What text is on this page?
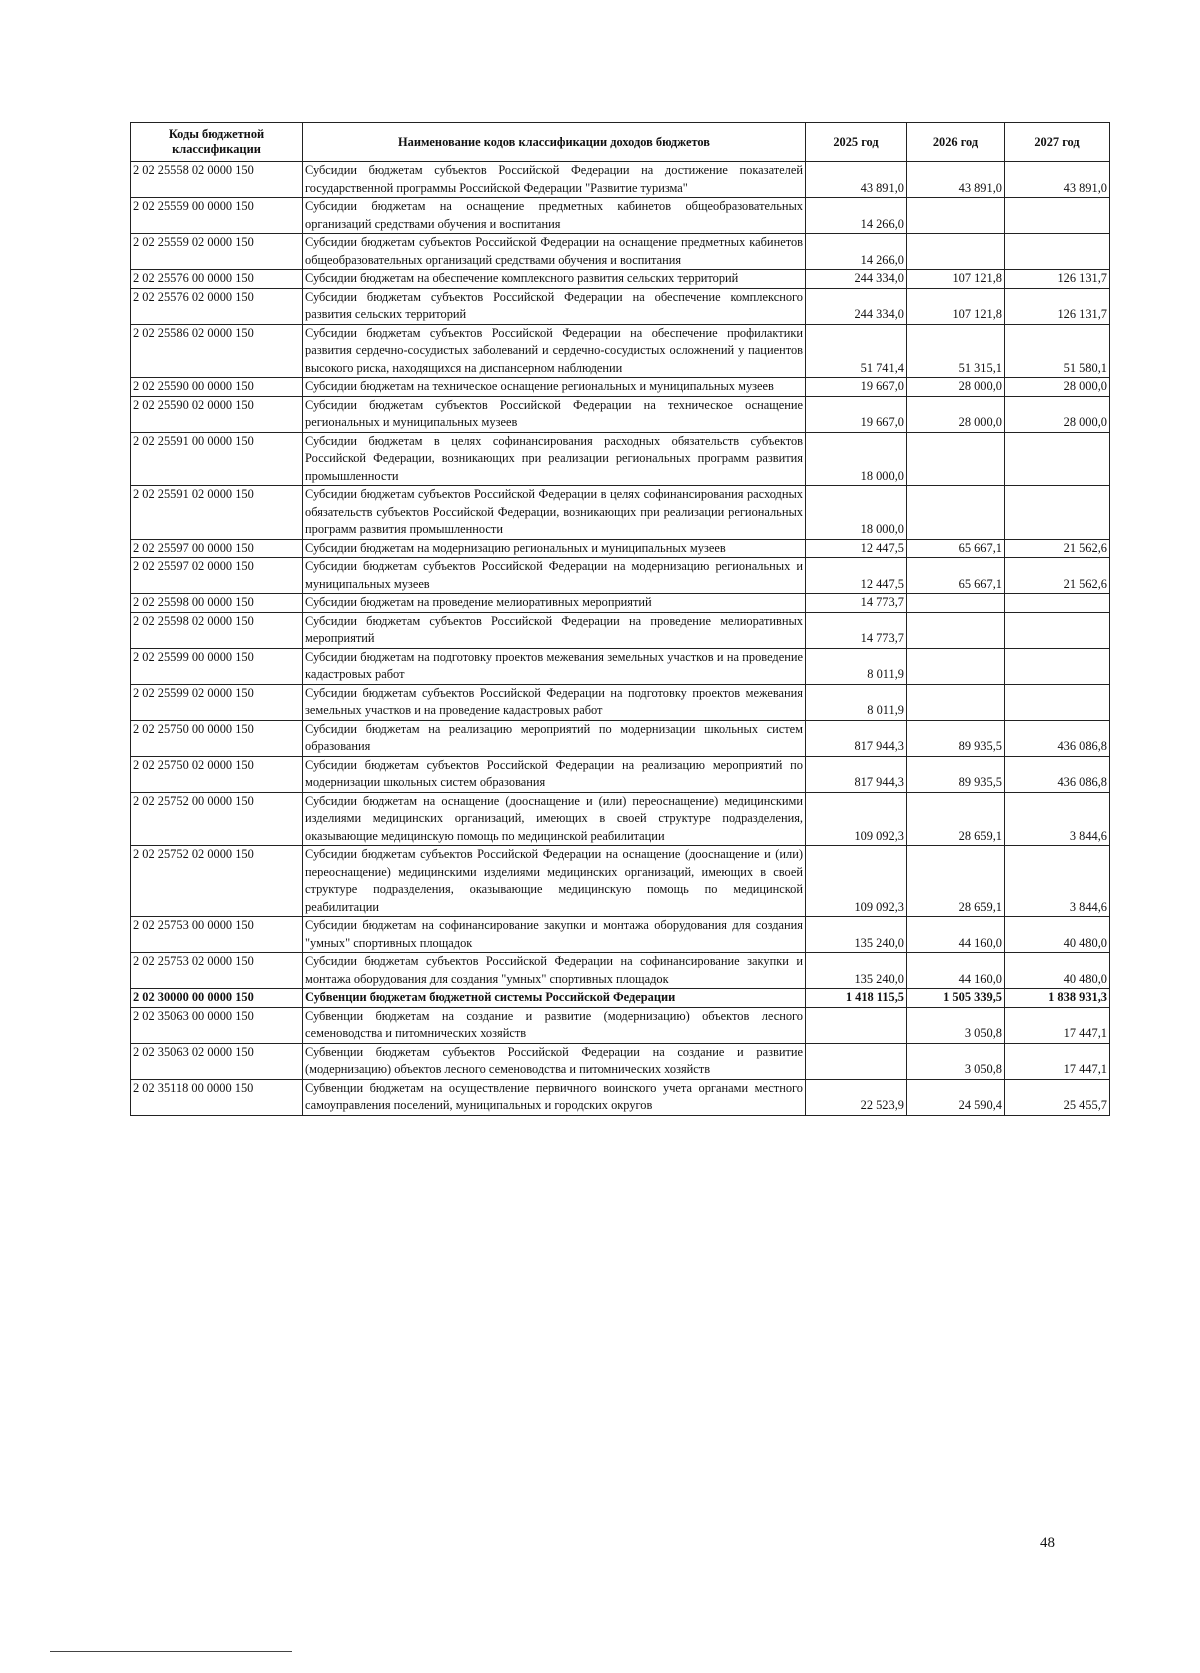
Коды бюджетной классификации	Наименование кодов классификации доходов бюджетов	2025 год	2026 год	2027 год
2 02 25558 02 0000 150	Субсидии бюджетам субъектов Российской Федерации на достижение показателей государственной программы Российской Федерации "Развитие туризма"	43 891,0	43 891,0	43 891,0
2 02 25559 00 0000 150	Субсидии бюджетам на оснащение предметных кабинетов общеобразовательных организаций средствами обучения и воспитания	14 266,0		
2 02 25559 02 0000 150	Субсидии бюджетам субъектов Российской Федерации на оснащение предметных кабинетов общеобразовательных организаций средствами обучения и воспитания	14 266,0		
2 02 25576 00 0000 150	Субсидии бюджетам на обеспечение комплексного развития сельских территорий	244 334,0	107 121,8	126 131,7
2 02 25576 02 0000 150	Субсидии бюджетам субъектов Российской Федерации на обеспечение комплексного развития сельских территорий	244 334,0	107 121,8	126 131,7
2 02 25586 02 0000 150	Субсидии бюджетам субъектов Российской Федерации на обеспечение профилактики развития сердечно-сосудистых заболеваний и сердечно-сосудистых осложнений у пациентов высокого риска, находящихся на диспансерном наблюдении	51 741,4	51 315,1	51 580,1
2 02 25590 00 0000 150	Субсидии бюджетам на техническое оснащение региональных и муниципальных музеев	19 667,0	28 000,0	28 000,0
2 02 25590 02 0000 150	Субсидии бюджетам субъектов Российской Федерации на техническое оснащение региональных и муниципальных музеев	19 667,0	28 000,0	28 000,0
2 02 25591 00 0000 150	Субсидии бюджетам в целях софинансирования расходных обязательств субъектов Российской Федерации, возникающих при реализации региональных программ развития промышленности	18 000,0		
2 02 25591 02 0000 150	Субсидии бюджетам субъектов Российской Федерации в целях софинансирования расходных обязательств субъектов Российской Федерации, возникающих при реализации региональных программ развития промышленности	18 000,0		
2 02 25597 00 0000 150	Субсидии бюджетам на модернизацию региональных и муниципальных музеев	12 447,5	65 667,1	21 562,6
2 02 25597 02 0000 150	Субсидии бюджетам субъектов Российской Федерации на модернизацию региональных и муниципальных музеев	12 447,5	65 667,1	21 562,6
2 02 25598 00 0000 150	Субсидии бюджетам на проведение мелиоративных мероприятий	14 773,7		
2 02 25598 02 0000 150	Субсидии бюджетам субъектов Российской Федерации на проведение мелиоративных мероприятий	14 773,7		
2 02 25599 00 0000 150	Субсидии бюджетам на подготовку проектов межевания земельных участков и на проведение кадастровых работ	8 011,9		
2 02 25599 02 0000 150	Субсидии бюджетам субъектов Российской Федерации на подготовку проектов межевания земельных участков и на проведение кадастровых работ	8 011,9		
2 02 25750 00 0000 150	Субсидии бюджетам на реализацию мероприятий по модернизации школьных систем образования	817 944,3	89 935,5	436 086,8
2 02 25750 02 0000 150	Субсидии бюджетам субъектов Российской Федерации на реализацию мероприятий по модернизации школьных систем образования	817 944,3	89 935,5	436 086,8
2 02 25752 00 0000 150	Субсидии бюджетам на оснащение (дооснащение и (или) переоснащение) медицинскими изделиями медицинских организаций, имеющих в своей структуре подразделения, оказывающие медицинскую помощь по медицинской реабилитации	109 092,3	28 659,1	3 844,6
2 02 25752 02 0000 150	Субсидии бюджетам субъектов Российской Федерации на оснащение (дооснащение и (или) переоснащение) медицинскими изделиями медицинских организаций, имеющих в своей структуре подразделения, оказывающие медицинскую помощь по медицинской реабилитации	109 092,3	28 659,1	3 844,6
2 02 25753 00 0000 150	Субсидии бюджетам на софинансирование закупки и монтажа оборудования для создания "умных" спортивных площадок	135 240,0	44 160,0	40 480,0
2 02 25753 02 0000 150	Субсидии бюджетам субъектов Российской Федерации на софинансирование закупки и монтажа оборудования для создания "умных" спортивных площадок	135 240,0	44 160,0	40 480,0
2 02 30000 00 0000 150	Субвенции бюджетам бюджетной системы Российской Федерации	1 418 115,5	1 505 339,5	1 838 931,3
2 02 35063 00 0000 150	Субвенции бюджетам на создание и развитие (модернизацию) объектов лесного семеноводства и питомнических хозяйств		3 050,8	17 447,1
2 02 35063 02 0000 150	Субвенции бюджетам субъектов Российской Федерации на создание и развитие (модернизацию) объектов лесного семеноводства и питомнических хозяйств		3 050,8	17 447,1
2 02 35118 00 0000 150	Субвенции бюджетам на осуществление первичного воинского учета органами местного самоуправления поселений, муниципальных и городских округов	22 523,9	24 590,4	25 455,7
48
